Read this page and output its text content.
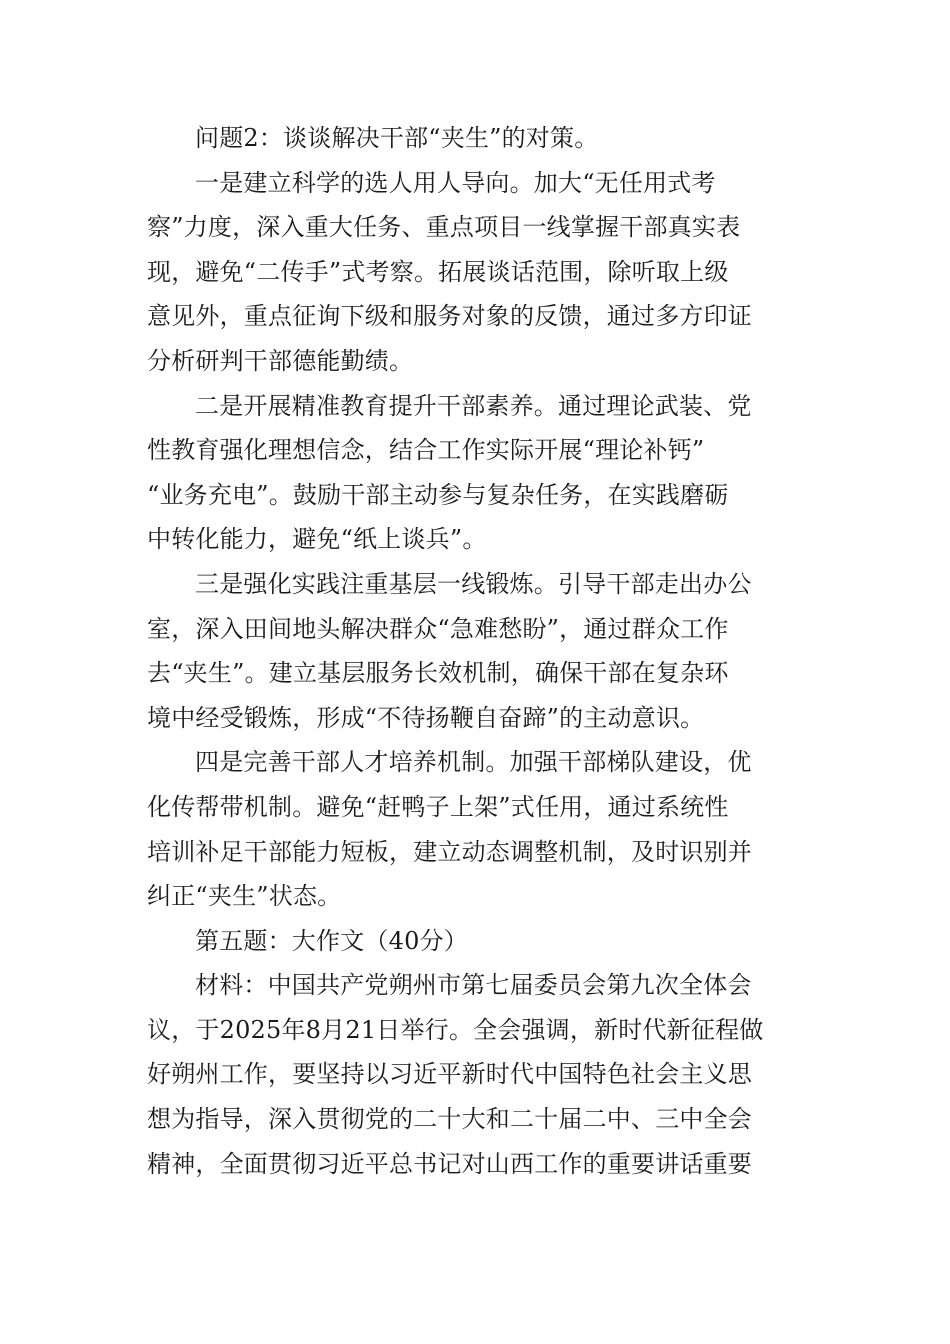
问题2：谈谈解决干部“夹生”的对策。
一是建立科学的选人用人导向。加大“无任用式考
察”力度，深入重大任务、重点项目一线掌握干部真实表
现，避免“二传手”式考察。拓展谈话范围，除听取上级
意见外，重点征询下级和服务对象的反馈，通过多方印证
分析研判干部德能勤绩。
二是开展精准教育提升干部素养。通过理论武装、党
性教育强化理想信念，结合工作实际开展“理论补钙”
“业务充电”。鼓励干部主动参与复杂任务，在实践磨砺
中转化能力，避免“纸上谈兵”。
三是强化实践注重基层一线锻炼。引导干部走出办公
室，深入田间地头解决群众“急难愁盼”，通过群众工作
去“夹生”。建立基层服务长效机制，确保干部在复杂环
境中经受锻炼，形成“不待扬鞭自奋蹄”的主动意识。
四是完善干部人才培养机制。加强干部梯队建设，优
化传帮带机制。避免“赶鸭子上架”式任用，通过系统性
培训补足干部能力短板，建立动态调整机制，及时识别并
纠正“夹生”状态。
第五题：大作文（40分）
材料：中国共产党朔州市第七届委员会第九次全体会
议，于2025年8月21日举行。全会强调，新时代新征程做
好朔州工作，要坚持以习近平新时代中国特色社会主义思
想为指导，深入贯彻党的二十大和二十届二中、三中全会
精神，全面贯彻习近平总书记对山西工作的重要讲话重要
